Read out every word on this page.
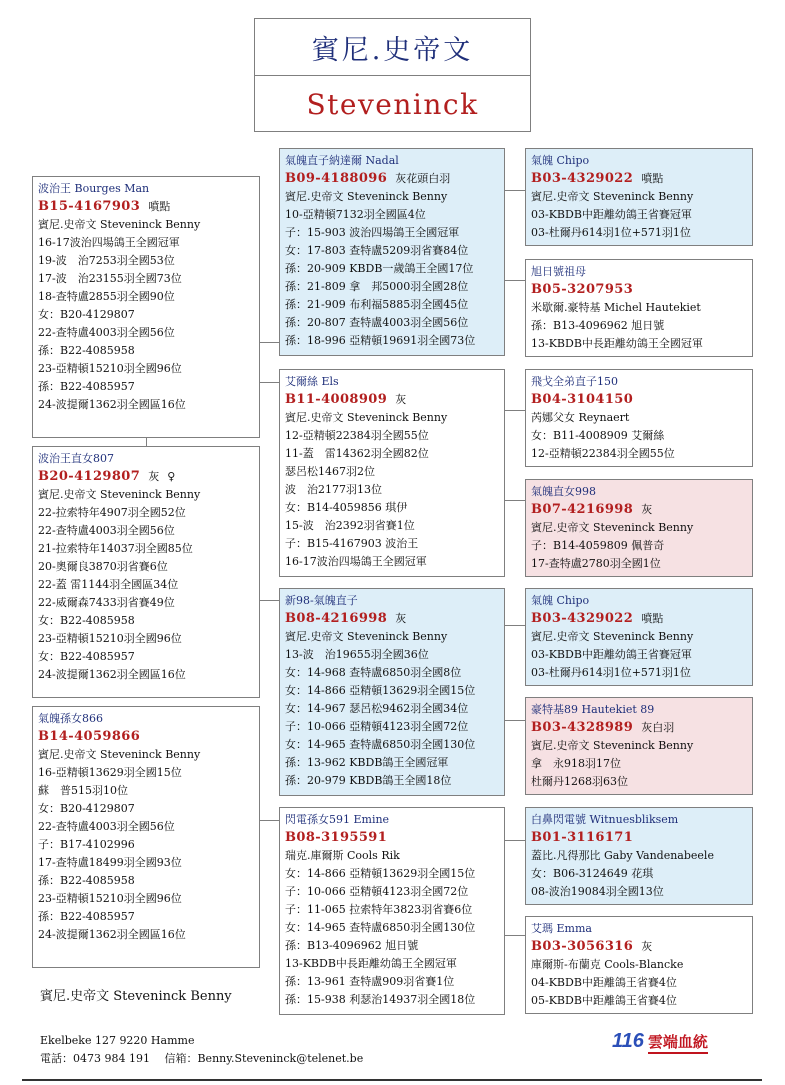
賓尼.史帝文
Steveninck
波治王 Bourges Man
B15-4167903 噴點
賓尼.史帝文 Steveninck Benny
16-17波治四場鴿王全國冠軍
19-波　治7253羽全國53位
17-波　治23155羽全國73位
18-查特盧2855羽全國90位
女：B20-4129807
22-查特盧4003羽全國56位
孫：B22-4085958
23-亞精頓15210羽全國96位
孫：B22-4085957
24-波提爾1362羽全國區16位
波治王直女807
B20-4129807 灰 ♀
賓尼.史帝文 Steveninck Benny
22-拉索特年4907羽全國52位
22-查特盧4003羽全國56位
21-拉索特年14037羽全國85位
20-奧爾良3870羽省賽6位
22-蓋 雷1144羽全國區34位
22-威爾森7433羽省賽49位
女：B22-4085958
23-亞精頓15210羽全國96位
女：B22-4085957
24-波提爾1362羽全國區16位
氣魄孫女866
B14-4059866
賓尼.史帝文 Steveninck Benny
16-亞精頓13629羽全國15位
蘇　普515羽10位
女：B20-4129807
22-查特盧4003羽全國56位
子：B17-4102996
17-查特盧18499羽全國93位
孫：B22-4085958
23-亞精頓15210羽全國96位
孫：B22-4085957
24-波提爾1362羽全國區16位
氣魄直子納達爾 Nadal
B09-4188096 灰花頭白羽
賓尼.史帝文 Steveninck Benny
10-亞精頓7132羽全國區4位
子：15-903 波治四場鴿王全國冠軍
女：17-803 查特盧5209羽省賽84位
孫：20-909 KBDB一歲鴿王全國17位
孫：21-809 拿　邦5000羽全國28位
孫：21-909 布利福5885羽全國45位
孫：20-807 查特盧4003羽全國56位
孫：18-996 亞精頓19691羽全國73位
艾爾絲 Els
B11-4008909 灰
賓尼.史帝文 Steveninck Benny
12-亞精頓22384羽全國55位
11-蓋　雷14362羽全國82位
瑟呂松1467羽2位
波　治2177羽13位
女：B14-4059856 琪伊
15-波　治2392羽省賽1位
子：B15-4167903 波治王
16-17波治四場鴿王全國冠軍
新98-氣魄直子
B08-4216998 灰
賓尼.史帝文 Steveninck Benny
13-波　治19655羽全國36位
女：14-968 查特盧6850羽全國8位
女：14-866 亞精頓13629羽全國15位
女：14-967 瑟呂松9462羽全國34位
子：10-066 亞精頓4123羽全國72位
女：14-965 查特盧6850羽全國130位
孫：13-962 KBDB鴿王全國冠軍
孫：20-979 KBDB鴿王全國18位
閃電孫女591 Emine
B08-3195591
瑞克.庫爾斯 Cools Rik
女：14-866 亞精頓13629羽全國15位
子：10-066 亞精頓4123羽全國72位
子：11-065 拉索特年3823羽省賽6位
女：14-965 查特盧6850羽全國130位
孫：B13-4096962 旭日號
13-KBDB中長距離幼鴿王全國冠軍
孫：13-961 查特盧909羽省賽1位
孫：15-938 利瑟治14937羽全國18位
氣魄 Chipo
B03-4329022 噴點
賓尼.史帝文 Steveninck Benny
03-KBDB中距離幼鴿王省賽冠軍
03-杜爾丹614羽1位+571羽1位
旭日號祖母
B05-3207953
米歇爾.豪特基 Michel Hautekiet
孫：B13-4096962 旭日號
13-KBDB中長距離幼鴿王全國冠軍
飛戈全弟直子150
B04-3104150
芮娜父女 Reynaert
女：B11-4008909 艾爾絲
12-亞精頓22384羽全國55位
氣魄直女998
B07-4216998 灰
賓尼.史帝文 Steveninck Benny
子：B14-4059809 佩普奇
17-查特盧2780羽全國1位
氣魄 Chipo
B03-4329022 噴點
賓尼.史帝文 Steveninck Benny
03-KBDB中距離幼鴿王省賽冠軍
03-杜爾丹614羽1位+571羽1位
豪特基89 Hautekiet 89
B03-4328989 灰白羽
賓尼.史帝文 Steveninck Benny
拿　永918羽17位
杜爾丹1268羽63位
白鼻閃電號 Witnuesbliksem
B01-3116171
蓋比.凡得那比 Gaby Vandenabeele
女：B06-3124649 花琪
08-波治19084羽全國13位
艾瑪 Emma
B03-3056316 灰
庫爾斯-布蘭克 Cools-Blancke
04-KBDB中距離鴿王省賽4位
05-KBDB中距離鴿王省賽4位
賓尼.史帝文 Steveninck Benny
Ekelbeke 127 9220 Hamme
電話：0473 984 191　 信箱：Benny.Steveninck@telenet.be
116 雲端血統
